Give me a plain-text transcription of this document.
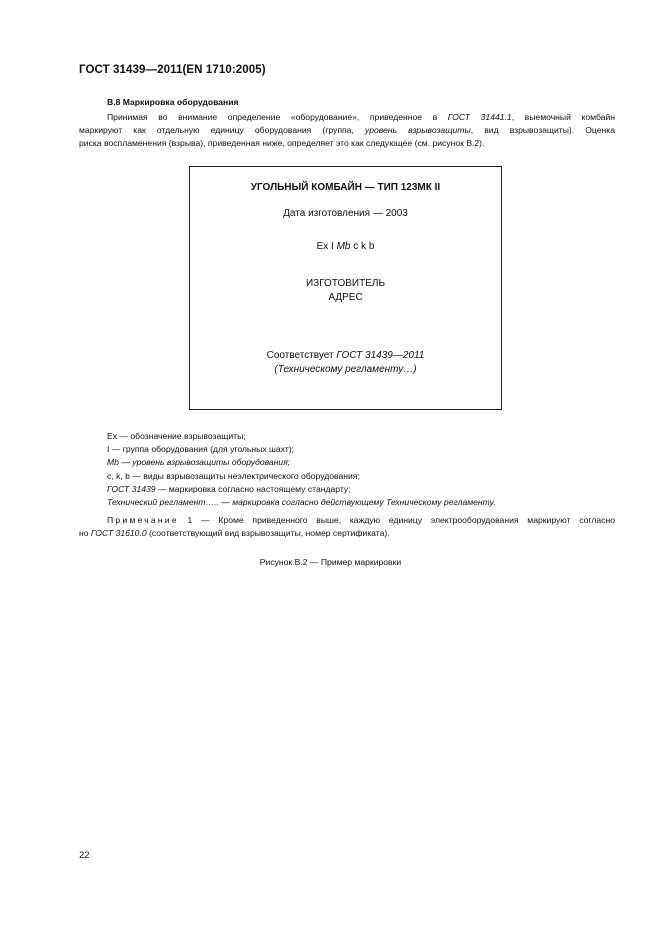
ГОСТ 31439—2011(EN 1710:2005)
В.8 Маркировка оборудования
Принимая во внимание определение «оборудование», приведенное в ГОСТ 31441.1, выемочный комбайн
маркируют как отдельную единицу оборудования (группа, уровень взрывозащиты, вид взрывозащиты). Оценка
риска воспламенения (взрыва), приведенная ниже, определяет это как следующее (см. рисунок В.2).
УГОЛЬНЫЙ КОМБАЙН — ТИП 123МК II
Дата изготовления — 2003
Ex I Mb c k b
ИЗГОТОВИТЕЛЬ
АДРЕС
Соответствует ГОСТ 31439—2011
(Техническому регламенту…)
Ex — обозначение взрывозащиты;
I — группа оборудования (для угольных шахт);
Mb — уровень взрывозащиты оборудования;
c, k, b — виды взрывозащиты неэлектрического оборудования;
ГОСТ 31439 — маркировка согласно настоящему стандарту;
Технический регламент….. — маркировка согласно действующему Техническому регламенту.
Примечание 1 — Кроме приведенного выше, каждую единицу электрооборудования маркируют согласно
но ГОСТ 31610.0 (соответствующий вид взрывозащиты, номер сертификата).
Рисунок В.2 — Пример маркировки
22
